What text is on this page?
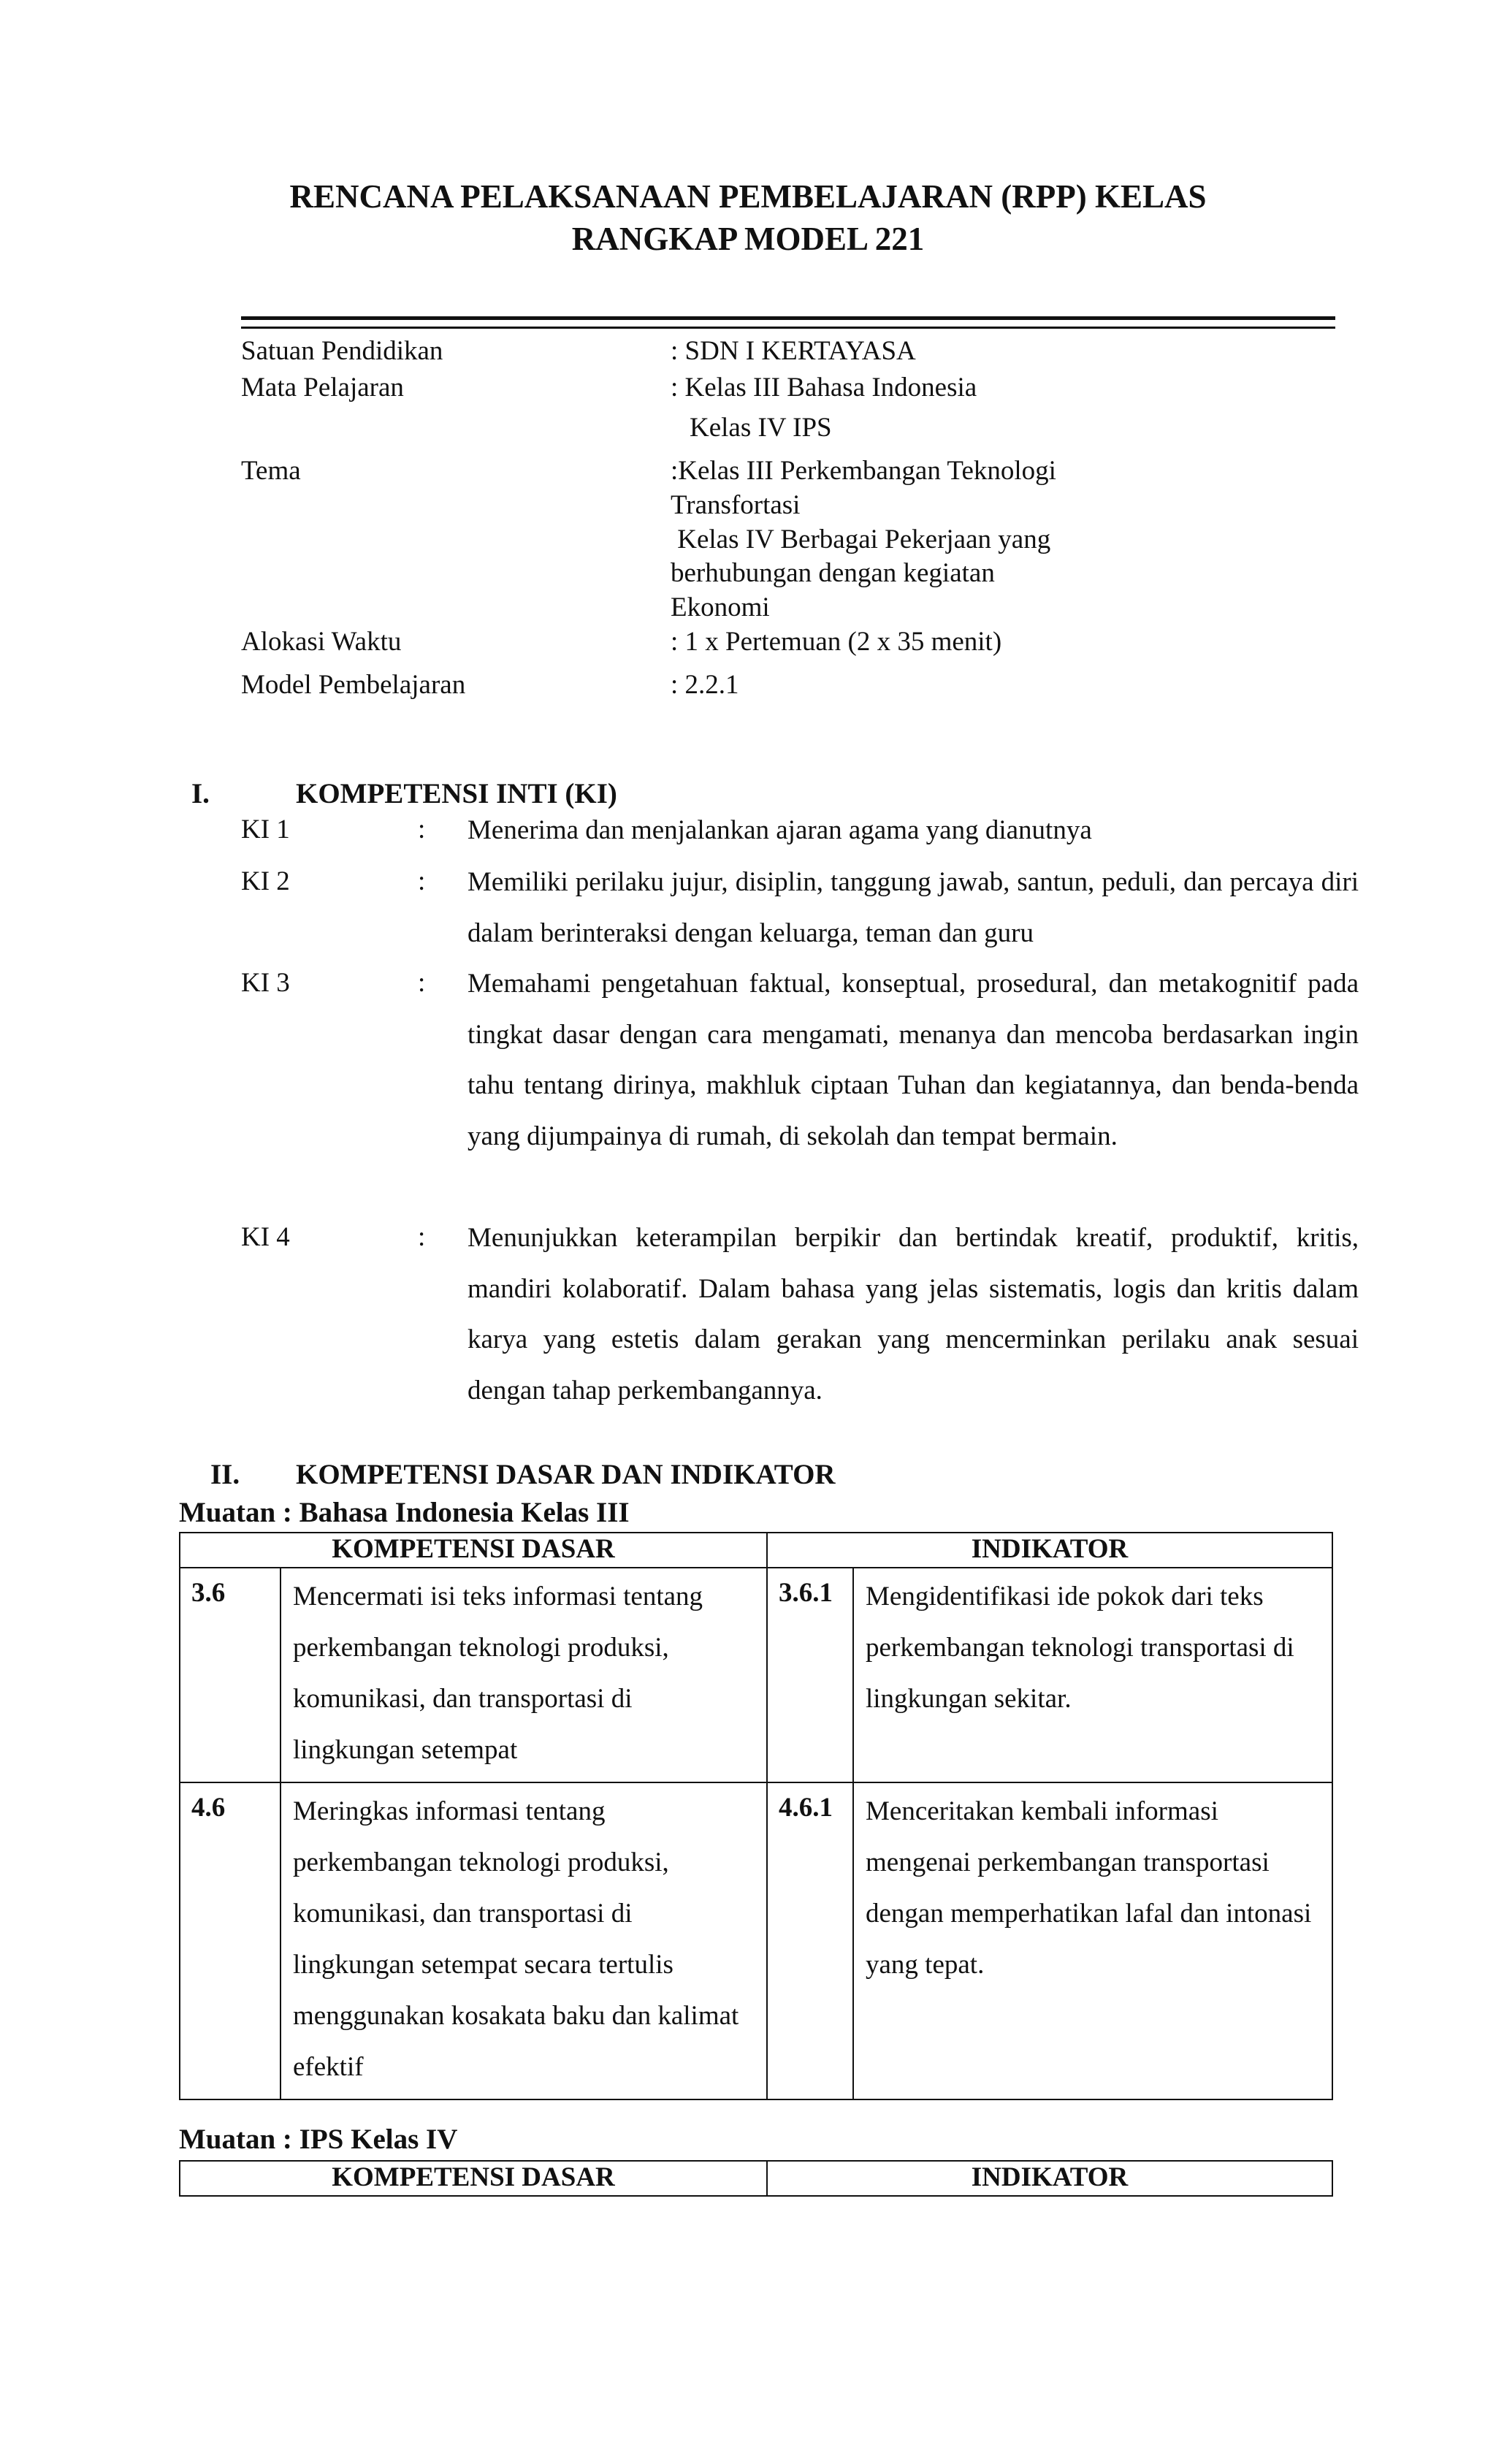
RENCANA PELAKSANAAN PEMBELAJARAN (RPP) KELAS
RANGKAP MODEL 221
Satuan Pendidikan	: SDN I KERTAYASA
Mata Pelajaran	: Kelas III Bahasa Indonesia
Kelas IV IPS
Tema	:Kelas III Perkembangan Teknologi
Transfortasi
Kelas IV Berbagai Pekerjaan yang
berhubungan dengan kegiatan
Ekonomi
Alokasi Waktu	: 1 x Pertemuan (2 x 35 menit)
Model Pembelajaran	: 2.2.1
I.	KOMPETENSI INTI (KI)
KI 1	: Menerima dan menjalankan ajaran agama yang dianutnya
KI 2	: Memiliki perilaku jujur, disiplin, tanggung jawab, santun, peduli, dan percaya diri dalam berinteraksi dengan keluarga, teman dan guru
KI 3	: Memahami pengetahuan faktual, konseptual, prosedural, dan metakognitif pada tingkat dasar dengan cara mengamati, menanya dan mencoba berdasarkan ingin tahu tentang dirinya, makhluk ciptaan Tuhan dan kegiatannya, dan benda-benda yang dijumpainya di rumah, di sekolah dan tempat bermain.
KI 4	: Menunjukkan keterampilan berpikir dan bertindak kreatif, produktif, kritis, mandiri kolaboratif. Dalam bahasa yang jelas sistematis, logis dan kritis dalam karya yang estetis dalam gerakan yang mencerminkan perilaku anak sesuai dengan tahap perkembangannya.
II. KOMPETENSI DASAR DAN INDIKATOR
Muatan : Bahasa Indonesia Kelas III
KOMPETENSI DASAR		INDIKATOR	
3.6	Mencermati isi teks informasi tentang perkembangan teknologi produksi, komunikasi, dan transportasi di lingkungan setempat	3.6.1	Mengidentifikasi ide pokok dari teks perkembangan teknologi transportasi di lingkungan sekitar.
4.6	Meringkas informasi tentang perkembangan teknologi produksi, komunikasi, dan transportasi di lingkungan setempat secara tertulis menggunakan kosakata baku dan kalimat efektif	4.6.1	Menceritakan kembali informasi mengenai perkembangan transportasi dengan memperhatikan lafal dan intonasi yang tepat.
Muatan : IPS Kelas IV
KOMPETENSI DASAR	INDIKATOR
